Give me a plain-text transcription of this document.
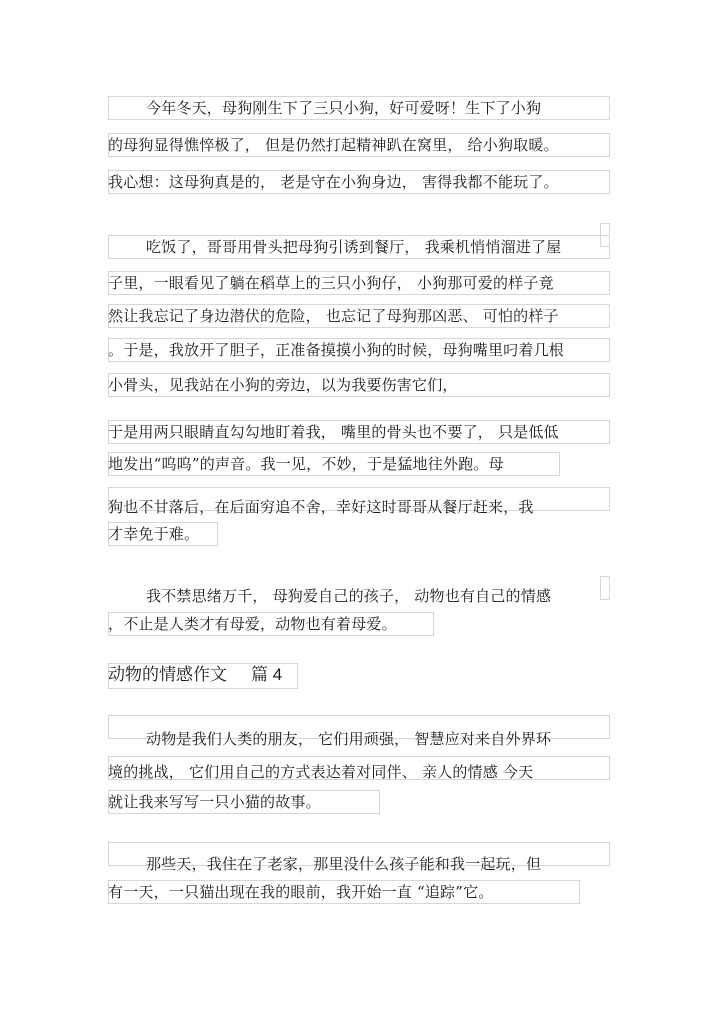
今年冬天，母狗刚生下了三只小狗，好可爱呀！生下了小狗
的母狗显得憔悴极了， 但是仍然打起精神趴在窝里， 给小狗取暖。
我心想：这母狗真是的， 老是守在小狗身边， 害得我都不能玩了。
吃饭了，哥哥用骨头把母狗引诱到餐厅， 我乘机悄悄溜进了屋
子里，一眼看见了躺在稻草上的三只小狗仔， 小狗那可爱的样子竟
然让我忘记了身边潜伏的危险， 也忘记了母狗那凶恶、 可怕的样子
。于是，我放开了胆子，正准备摸摸小狗的时候，母狗嘴里叼着几根
小骨头，见我站在小狗的旁边，以为我要伤害它们，
于是用两只眼睛直勾勾地盯着我， 嘴里的骨头也不要了， 只是低低
地发出“呜呜”的声音。我一见，不妙，于是猛地往外跑。母
狗也不甘落后，在后面穷追不舍，幸好这时哥哥从餐厅赶来，我
才幸免于难。
我不禁思绪万千， 母狗爱自己的孩子， 动物也有自己的情感
，不止是人类才有母爱，动物也有着母爱。
动物的情感作文 篇 4
动物是我们人类的朋友， 它们用顽强， 智慧应对来自外界环
境的挑战， 它们用自己的方式表达着对同伴、 亲人的情感 今天
就让我来写写一只小猫的故事。
那些天，我住在了老家，那里没什么孩子能和我一起玩，但
有一天，一只猫出现在我的眼前，我开始一直 “追踪”它。
